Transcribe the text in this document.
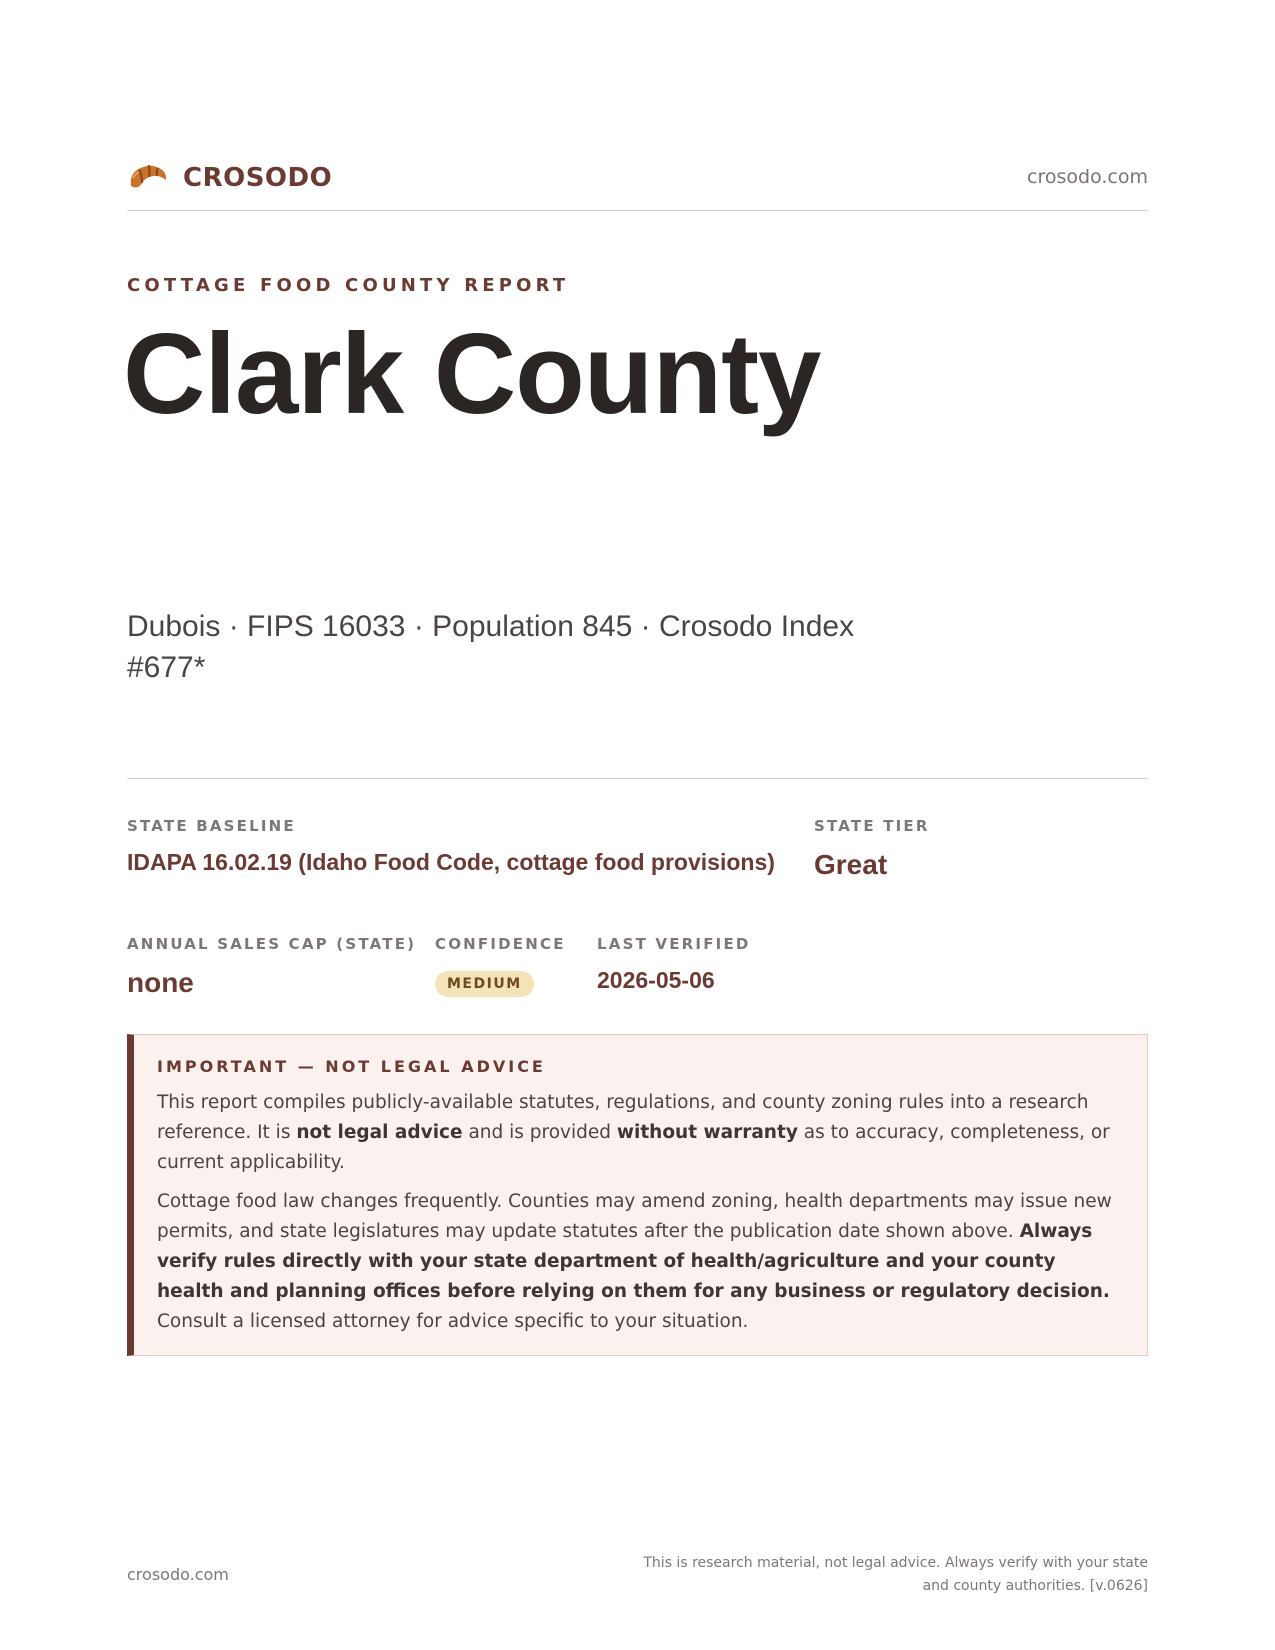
CROSODO	crosodo.com
COTTAGE FOOD COUNTY REPORT
Clark County
Dubois · FIPS 16033 · Population 845 · Crosodo Index #677*
STATE BASELINE
IDAPA 16.02.19 (Idaho Food Code, cottage food provisions)
STATE TIER
Great
ANNUAL SALES CAP (STATE)
none
CONFIDENCE
MEDIUM
LAST VERIFIED
2026-05-06
IMPORTANT — NOT LEGAL ADVICE

This report compiles publicly-available statutes, regulations, and county zoning rules into a research reference. It is not legal advice and is provided without warranty as to accuracy, completeness, or current applicability.

Cottage food law changes frequently. Counties may amend zoning, health departments may issue new permits, and state legislatures may update statutes after the publication date shown above. Always verify rules directly with your state department of health/agriculture and your county health and planning offices before relying on them for any business or regulatory decision. Consult a licensed attorney for advice specific to your situation.

crosodo.com
This is research material, not legal advice. Always verify with your state and county authorities. [v.0626]
